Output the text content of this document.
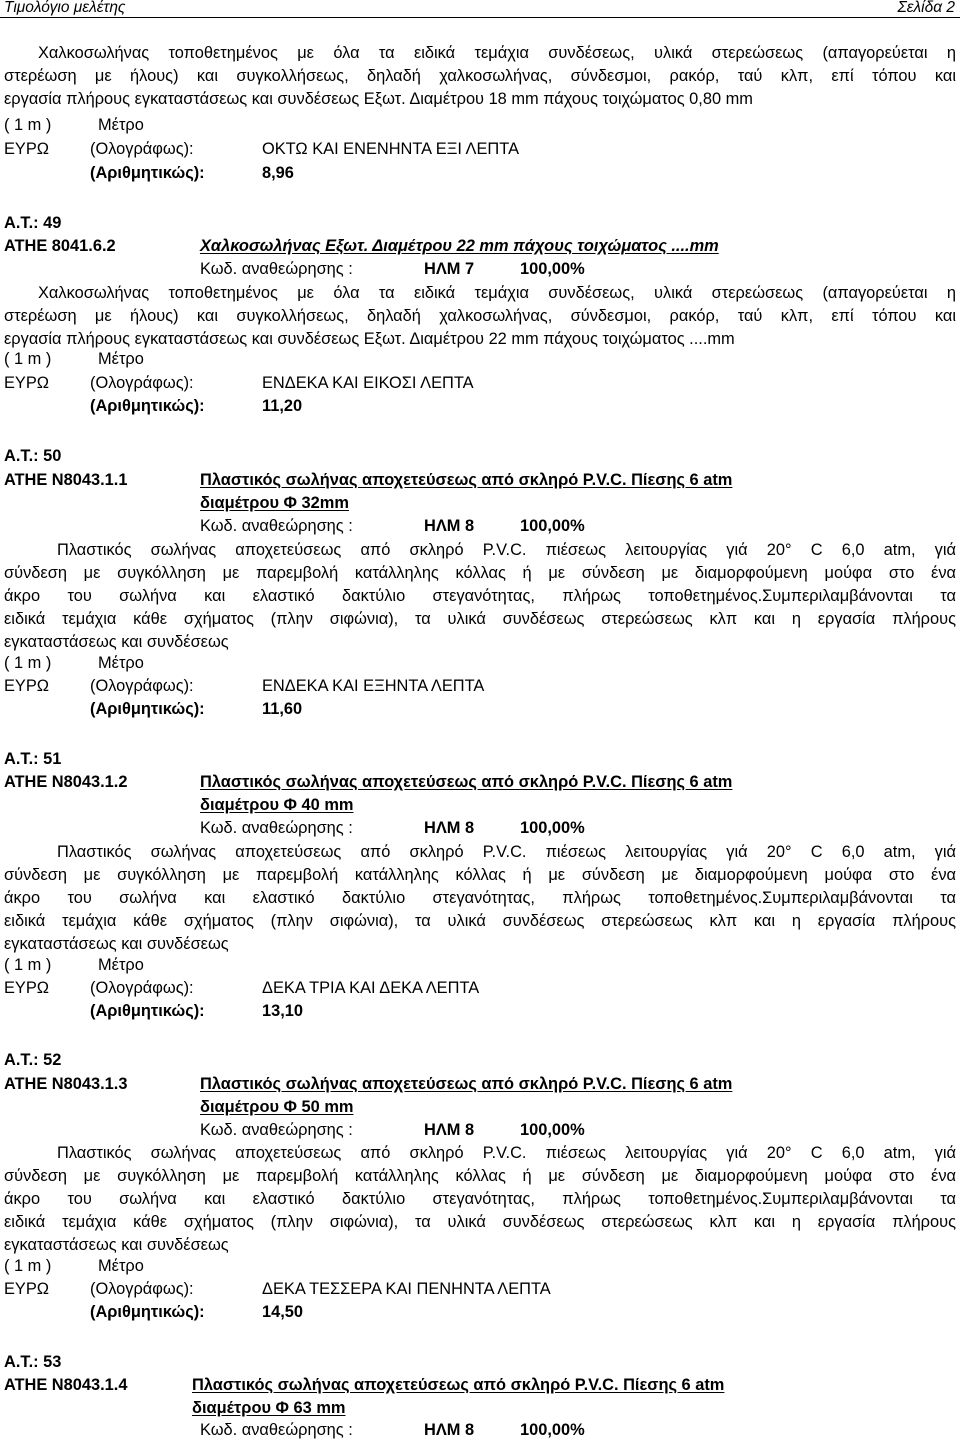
Τιμολόγιο μελέτης	Σελίδα 2
Χαλκοσωλήνας τοποθετημένος με όλα τα ειδικά τεμάχια συνδέσεως, υλικά στερεώσεως (απαγορεύεται η
στερέωση με ήλους) και συγκολλήσεως, δηλαδή χαλκοσωλήνας, σύνδεσμοι, ρακόρ, ταύ κλπ, επί τόπου και
εργασία πλήρους εγκαταστάσεως και συνδέσεως Εξωτ. Διαμέτρου 18 mm πάχους τοιχώματος 0,80 mm
( 1 m )	Μέτρο
ΕΥΡΩ (Ολογράφως):	ΟΚΤΩ ΚΑΙ ΕΝΕΝΗΝΤΑ ΕΞΙ ΛΕΠΤΑ
(Αριθμητικώς):	8,96
Α.Τ.: 49
ΑΤΗΕ 8041.6.2	Χαλκοσωλήνας Εξωτ. Διαμέτρου 22 mm πάχους τοιχώματος ....mm
Κωδ. αναθεώρησης :	ΗΛΜ 7	100,00%
Χαλκοσωλήνας τοποθετημένος με όλα τα ειδικά τεμάχια συνδέσεως, υλικά στερεώσεως (απαγορεύεται η
στερέωση με ήλους) και συγκολλήσεως, δηλαδή χαλκοσωλήνας, σύνδεσμοι, ρακόρ, ταύ κλπ, επί τόπου και
εργασία πλήρους εγκαταστάσεως και συνδέσεως Εξωτ. Διαμέτρου 22 mm πάχους τοιχώματος ....mm
( 1 m )	Μέτρο
ΕΥΡΩ (Ολογράφως):	ΕΝΔΕΚΑ ΚΑΙ ΕΙΚΟΣΙ ΛΕΠΤΑ
(Αριθμητικώς):	11,20
Α.Τ.: 50
ΑΤΗΕ Ν8043.1.1	Πλαστικός σωλήνας αποχετεύσεως από σκληρό P.V.C. Πίεσης 6 atm
διαμέτρου Φ 32mm
Κωδ. αναθεώρησης :	ΗΛΜ 8	100,00%
Πλαστικός σωλήνας αποχετεύσεως από σκληρό P.V.C. πιέσεως λειτουργίας γιά 20° C 6,0 atm, γιά
σύνδεση με συγκόλληση με παρεμβολή κατάλληλης κόλλας ή με σύνδεση με διαμορφούμενη μούφα στο ένα
άκρο του σωλήνα και ελαστικό δακτύλιο στεγανότητας, πλήρως τοποθετημένος.Συμπεριλαμβάνονται τα
ειδικά τεμάχια κάθε σχήματος (πλην σιφώνια), τα υλικά συνδέσεως στερεώσεως κλπ και η εργασία πλήρους
εγκαταστάσεως και συνδέσεως
( 1 m )	Μέτρο
ΕΥΡΩ (Ολογράφως):	ΕΝΔΕΚΑ ΚΑΙ ΕΞΗΝΤΑ ΛΕΠΤΑ
(Αριθμητικώς):	11,60
Α.Τ.: 51
ΑΤΗΕ Ν8043.1.2	Πλαστικός σωλήνας αποχετεύσεως από σκληρό P.V.C. Πίεσης 6 atm
διαμέτρου Φ 40 mm
Κωδ. αναθεώρησης :	ΗΛΜ 8	100,00%
Πλαστικός σωλήνας αποχετεύσεως από σκληρό P.V.C. πιέσεως λειτουργίας γιά 20° C 6,0 atm, γιά
σύνδεση με συγκόλληση με παρεμβολή κατάλληλης κόλλας ή με σύνδεση με διαμορφούμενη μούφα στο ένα
άκρο του σωλήνα και ελαστικό δακτύλιο στεγανότητας, πλήρως τοποθετημένος.Συμπεριλαμβάνονται τα
ειδικά τεμάχια κάθε σχήματος (πλην σιφώνια), τα υλικά συνδέσεως στερεώσεως κλπ και η εργασία πλήρους
εγκαταστάσεως και συνδέσεως
( 1 m )	Μέτρο
ΕΥΡΩ (Ολογράφως):	ΔΕΚΑ ΤΡΙΑ ΚΑΙ ΔΕΚΑ ΛΕΠΤΑ
(Αριθμητικώς):	13,10
Α.Τ.: 52
ΑΤΗΕ Ν8043.1.3	Πλαστικός σωλήνας αποχετεύσεως από σκληρό P.V.C. Πίεσης 6 atm
διαμέτρου Φ 50 mm
Κωδ. αναθεώρησης :	ΗΛΜ 8	100,00%
Πλαστικός σωλήνας αποχετεύσεως από σκληρό P.V.C. πιέσεως λειτουργίας γιά 20° C 6,0 atm, γιά
σύνδεση με συγκόλληση με παρεμβολή κατάλληλης κόλλας ή με σύνδεση με διαμορφούμενη μούφα στο ένα
άκρο του σωλήνα και ελαστικό δακτύλιο στεγανότητας, πλήρως τοποθετημένος.Συμπεριλαμβάνονται τα
ειδικά τεμάχια κάθε σχήματος (πλην σιφώνια), τα υλικά συνδέσεως στερεώσεως κλπ και η εργασία πλήρους
εγκαταστάσεως και συνδέσεως
( 1 m )	Μέτρο
ΕΥΡΩ (Ολογράφως):	ΔΕΚΑ ΤΕΣΣΕΡΑ ΚΑΙ ΠΕΝΗΝΤΑ ΛΕΠΤΑ
(Αριθμητικώς):	14,50
Α.Τ.: 53
ΑΤΗΕ Ν8043.1.4	Πλαστικός σωλήνας αποχετεύσεως από σκληρό P.V.C. Πίεσης 6 atm
διαμέτρου Φ 63 mm
Κωδ. αναθεώρησης :	ΗΛΜ 8	100,00%
